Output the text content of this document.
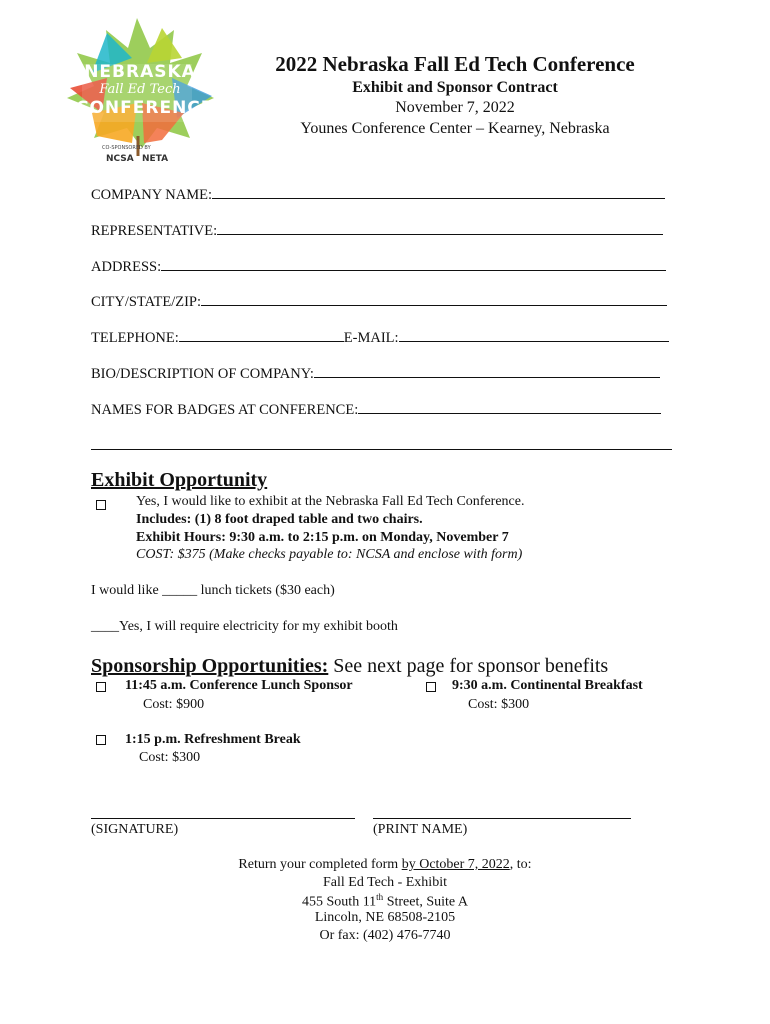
NEBRASKA
Fall Ed Tech
CONFERENCE
CO-SPONSORED BY
NCSA NETA
2022 Nebraska Fall Ed Tech Conference
Exhibit and Sponsor Contract
November 7, 2022
Younes Conference Center – Kearney, Nebraska
COMPANY NAME:
REPRESENTATIVE:
ADDRESS:
CITY/STATE/ZIP:
TELEPHONE:	E-MAIL:
BIO/DESCRIPTION OF COMPANY:
NAMES FOR BADGES AT CONFERENCE:
Exhibit Opportunity
Yes, I would like to exhibit at the Nebraska Fall Ed Tech Conference.
Includes: (1) 8 foot draped table and two chairs.
Exhibit Hours: 9:30 a.m. to 2:15 p.m. on Monday, November 7
COST: $375 (Make checks payable to: NCSA and enclose with form)
I would like _____ lunch tickets ($30 each)
____Yes, I will require electricity for my exhibit booth
Sponsorship Opportunities: See next page for sponsor benefits
11:45 a.m. Conference Lunch Sponsor
Cost: $900
9:30 a.m. Continental Breakfast
Cost: $300
1:15 p.m. Refreshment Break
Cost: $300
(SIGNATURE)	(PRINT NAME)
Return your completed form by October 7, 2022, to:
Fall Ed Tech - Exhibit
455 South 11th Street, Suite A
Lincoln, NE 68508-2105
Or fax: (402) 476-7740
